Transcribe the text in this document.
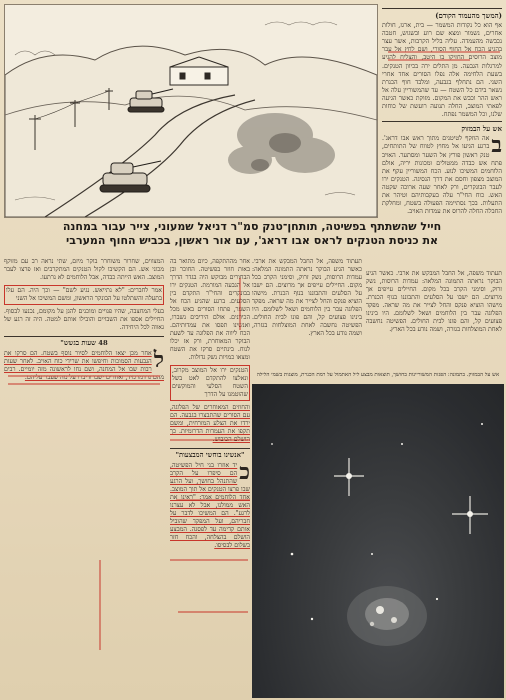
(המשך מהעמוד הקודם)
אף הוא כל נקודות המשמר — בית, ארגז, חולות אחרים, נשמור ומצא שם רוע ובשגוש, חטבה נכבשה מהעמדה. עליה בליל הקרבות, אשר עצר בהגיע הכח אל החוף הסורי, ושם לחץ אל עבר מוצב הרוסים החזיקו בו היטב, והצליח להגיע למרגלות הגבעה. מן התלים ירה בכיוון הטנקים. בשעת הלחימה אלה נפלו הסורים אחד אחרי השני. הם נתחלף בגבעה, ומלבד חוף הכנרת נשאר בידם כל השטח — עד שהמשוריין עלה אל ראש ההר וכבש את המקום. מזוקת כאשר הגיעה לפאתי המוצב, החלה תנועה רועשת של כוחות שלנו, וכל המשמר נפתח.
אש על הבמזוק
ב
אה הוזקף לטיטנים מתוך ראש אבו דראג'. ברגע הגיעו אל מחוץ לטווח של התותחים, טנק ראשון פורץ אל השער ומסתער. האויב פתח אש כבדה ממטולים ומכונות יריה, אולם הלוחמים המשיכו לנוע. הכח המשוריין עקף את המוצב מצפון וחסם את דרך הנסיגה. הטנקים ירו לעבר הבונקרים, ורק לאחר שעה ארוכה שקטה האש. כוח החי"ר עלה בעקבותיהם וטיהר את התעלות. בכך נסתיימה הפעולה בשטח, ומחלקת החבלה החלה להרוס את עמדות האויב.
חייל שהשתתף בפשיטה, תותחן־טנק סמ"ר דניאל שמעוני, צייר עבור במחנה
את כניסת הטנקים לראס אבו דראג', עם אור ראשון, בכביש החוף המערבי

אחר מההתקפה, כיום מתואר בה באות חוזר בפשיטה. החוכר ובן הבחורים מבוקש היה בגדר הדרך אל הגבעה המורמת. הטנקים ירו בבונקרים והחי"ר התקדם בין הסלעים. ברגע שהגיע הכח אל השער, פתחו הסורים באש מכל הכיוונים. אולם היריבים נשברו, ואנשינו תפסו את עמדותיהם. הכח ליווה את הפלוגה עד לשעת הבוקר המאוחרת, ורק אז יכלו לנוח. בינתיים סרקו את השטח ומצאו כמויות נשק גדולות.

הטנקים ירו אל המוצב מקרוב, ונאלצו להתקדם לאט בשל השטח הסלעי והמוקשים שהוטמנו על הדרך

והחוזים המאוחרים של הפלוגה, עם הסורים שהתבצרו בגבעה. הם ירדו את הצלע המזרחית, ומשם תקפו את העמדות הדרומיות. כך הושלם הכיבוש.

"אנשינו בוחשי המבצעות"
כ

יד אוזרו בני חיל הפשיטה, הם סיפרו על הקרב שהתנהל בחושך, ועל הרגע שבו פרצו הטנקים אל תוך המוצב. אחד הלוחמים אמר: "ראינו את האש ממולנו, אבל לא עצרנו לרגע". הם המשיכו לדבר על חבריהם, ועל המפקד שהוביל אותם קדימה עד לפסגה. המבצע הושלם בהצלחה, והכח חזר בשלום לבסיסו.

תעתוד משפה, אל החבל המבקש את ארבי. כאשר הגיע הבוקר נראתה התמונה המלאה: עמדות הרוסות, נשק זרוק, וסימני הקרב בכל מקום. החיילים עייפים אך מרוצים. הם ישבו על הסלעים והתבוננו בנוף הכנרת. מישהו הוציא פנקס והחל לצייר את מה שראה. מפקד הפלוגה עבר בין הלוחמים ושאל לשלומם. היו בינינו פצועים קל, והם פונו לבית החולים. הפשיטה נחשבה לאחת המוצלחות בגזרה, ושמה נודע בכל הארץ.

המצווים, שחרור משוחרר בוקר מיזם, שתי נראה רב עם מזוקף מכוני אש. הם הקשיבו לקול הטנקים המתקרבים ואז פרצו לעבר המוצב. האש הייתה כבדה, אבל הלוחמים לא נרתעו.

אמר לחברים: "לא נתייאש. נגיע לשם" — וכך היה. הם עלו בתעלה והשתלטו על הבונקר הראשון, ומשם המשיכו אל השני

בעלי המחצבה, שהיו פנויים ומוכנים להגן על מקומם, נכנעו לבסוף. החיילים אספו את השבויים והובילו אותם למטה. היה זה רגע של גאווה לכל היחידה.

48 שעות בגשש"
ל

אחר מכן יצאו הלוחמים לסיור נוסף בשטח. הם סרקו את הגבעות הסמוכות וחיפשו את שרידי כוח האויב. לאחר שעות רבות שבו אל המחנה, ושם נחו לראשונה מזה יומיים. רבים מהם נרדמו מיד, ואחרים ישבו ודיברו על מה שעבר עליהם.

תעתוד משפה, אל החבל המבקש את ארבי. כאשר הגיע הבוקר נראתה התמונה המלאה: עמדות הרוסות, נשק זרוק, וסימני הקרב בכל מקום. החיילים עייפים אך מרוצים. הם ישבו על הסלעים והתבוננו בנוף הכנרת. מישהו הוציא פנקס והחל לצייר את מה שראה. מפקד הפלוגה עבר בין הלוחמים ושאל לשלומם. היו בינינו פצועים קל, והם פונו לבית החולים. הפשיטה נחשבה לאחת המוצלחות בגזרה, ושמה נודע בכל הארץ.

אש על הבמזוק. בתמונה: הפגזת המשוריינות בחושך, תוצאות מבצע ליל האתמול על רמת הכנרת, מוצגות בשמי הלילה
